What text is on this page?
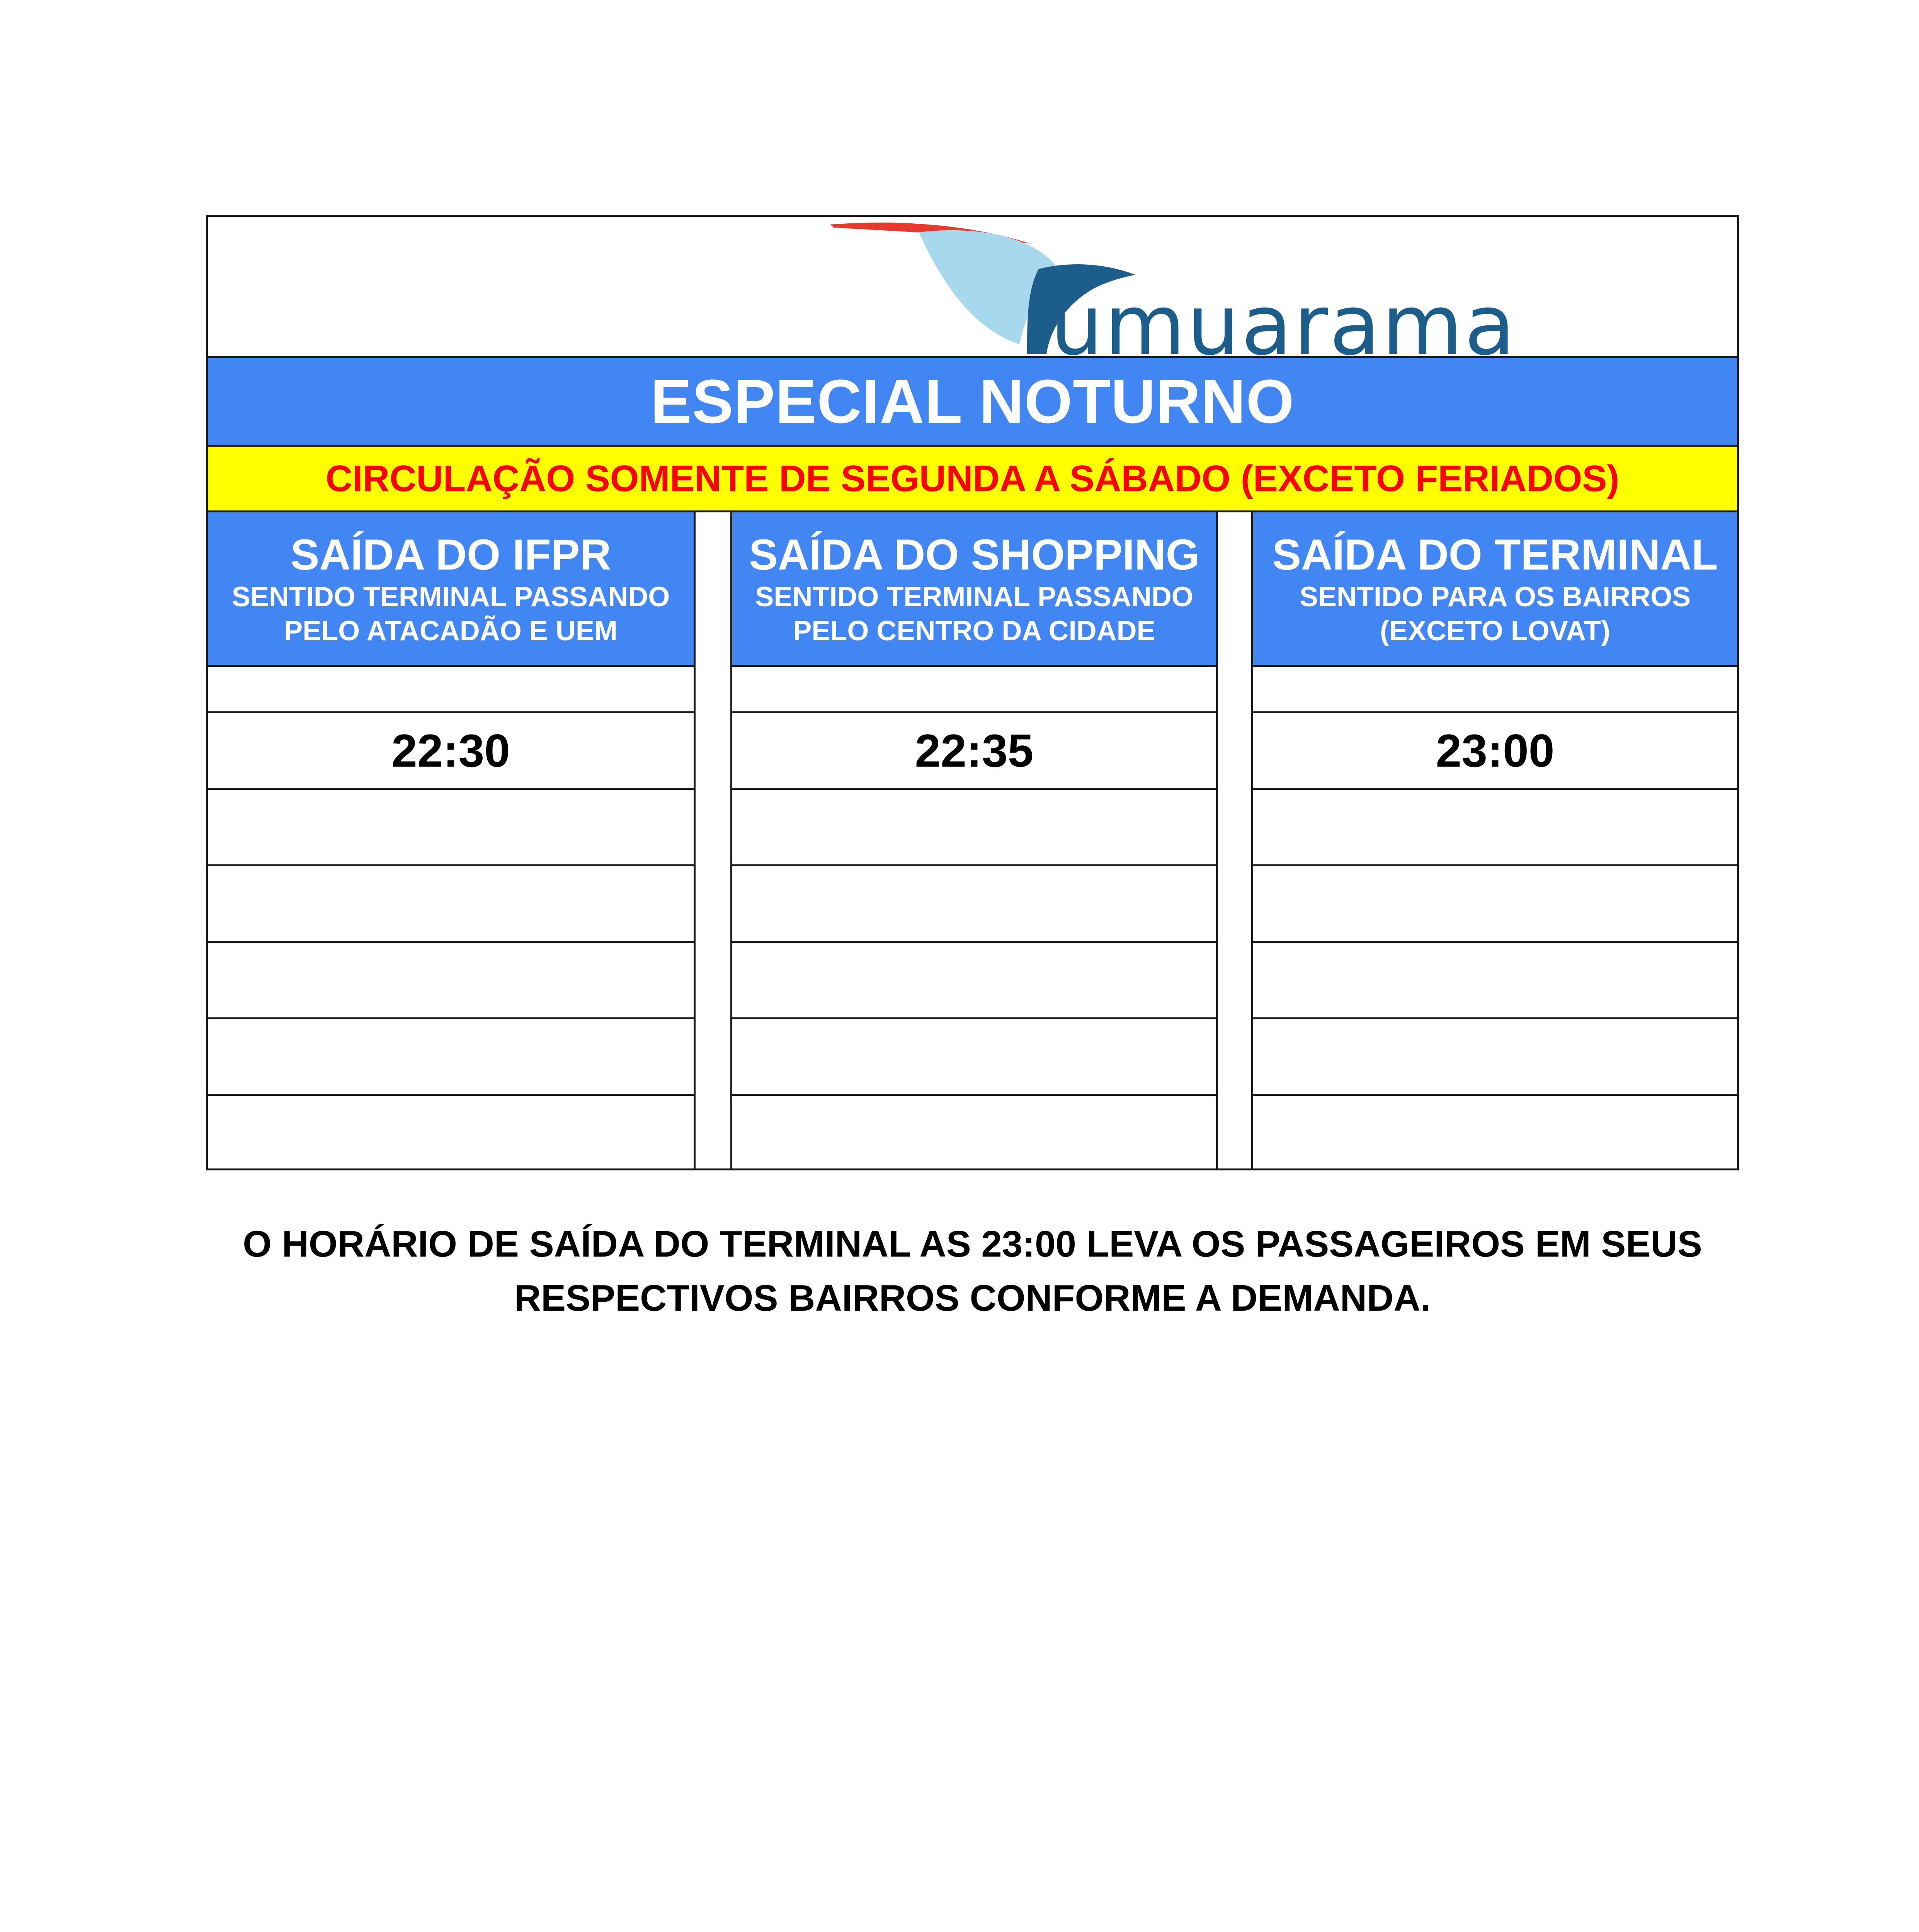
umuarama
ESPECIAL NOTURNO
CIRCULAÇÃO SOMENTE DE SEGUNDA A SÁBADO (EXCETO FERIADOS)
SAÍDA DO IFPR
SENTIDO TERMINAL PASSANDO
PELO ATACADÃO E UEM
22:30
SAÍDA DO SHOPPING
SENTIDO TERMINAL PASSANDO
PELO CENTRO DA CIDADE
22:35
SAÍDA DO TERMINAL
SENTIDO PARA OS BAIRROS
(EXCETO LOVAT)
23:00
O HORÁRIO DE SAÍDA DO TERMINAL AS 23:00 LEVA OS PASSAGEIROS EM SEUS
RESPECTIVOS BAIRROS CONFORME A DEMANDA.
